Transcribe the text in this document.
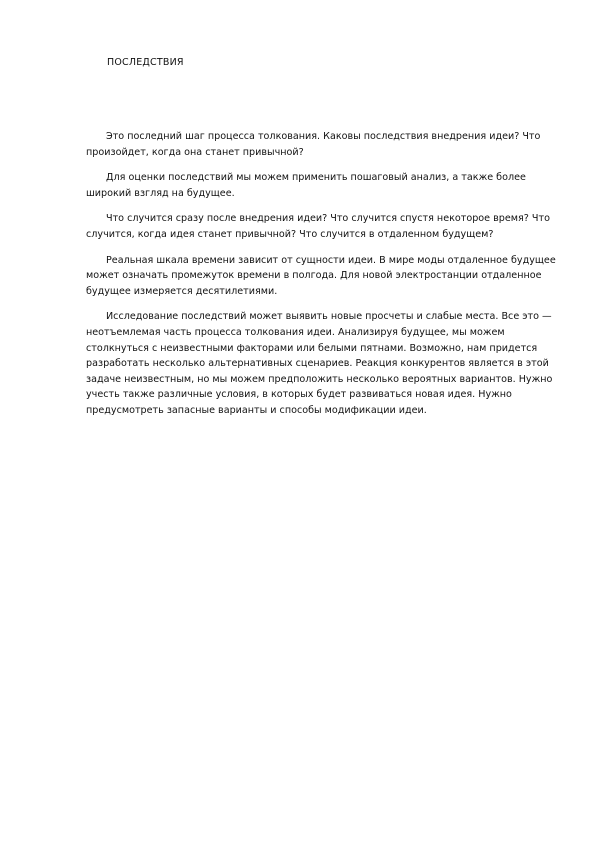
ПОСЛЕДСТВИЯ

Это последний шаг процесса толкования. Каковы последствия внедрения идеи? Что произойдет, когда она станет привычной?

Для оценки последствий мы можем применить пошаговый анализ, а также более широкий взгляд на будущее.

Что случится сразу после внедрения идеи? Что случится спустя некоторое время? Что случится, когда идея станет привычной? Что случится в отдаленном будущем?

Реальная шкала времени зависит от сущности идеи. В мире моды отдаленное будущее может означать промежуток времени в полгода. Для новой электростанции отдаленное будущее измеряется десятилетиями.

Исследование последствий может выявить новые просчеты и слабые места. Все это — неотъемлемая часть процесса толкования идеи. Анализируя будущее, мы можем столкнуться с неизвестными факторами или белыми пятнами. Возможно, нам придется разработать несколько альтернативных сценариев. Реакция конкурентов является в этой задаче неизвестным, но мы можем предположить несколько вероятных вариантов. Нужно учесть также различные условия, в которых будет развиваться новая идея. Нужно предусмотреть запасные варианты и способы модификации идеи.
